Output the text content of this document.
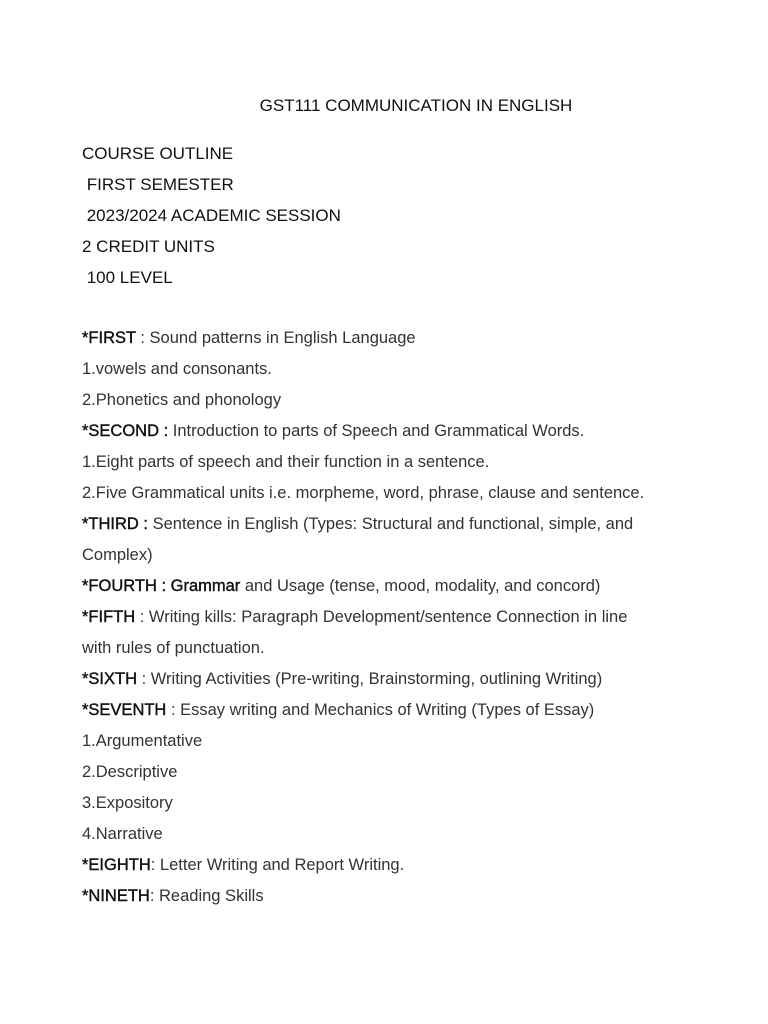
GST111 COMMUNICATION IN ENGLISH
COURSE OUTLINE
FIRST SEMESTER
2023/2024 ACADEMIC SESSION
2 CREDIT UNITS
100 LEVEL
*FIRST : Sound patterns in English Language
1.vowels and consonants.
2.Phonetics and phonology
*SECOND : Introduction to parts of Speech and Grammatical Words.
1.Eight parts of speech and their function in a sentence.
2.Five Grammatical units i.e. morpheme, word, phrase, clause and sentence.
*THIRD : Sentence in English (Types: Structural and functional, simple, and
Complex)
*FOURTH : Grammar and Usage (tense, mood, modality, and concord)
*FIFTH : Writing kills: Paragraph Development/sentence Connection in line
with rules of punctuation.
*SIXTH : Writing Activities (Pre-writing, Brainstorming, outlining Writing)
*SEVENTH : Essay writing and Mechanics of Writing (Types of Essay)
1.Argumentative
2.Descriptive
3.Expository
4.Narrative
*EIGHTH: Letter Writing and Report Writing.
*NINETH: Reading Skills
